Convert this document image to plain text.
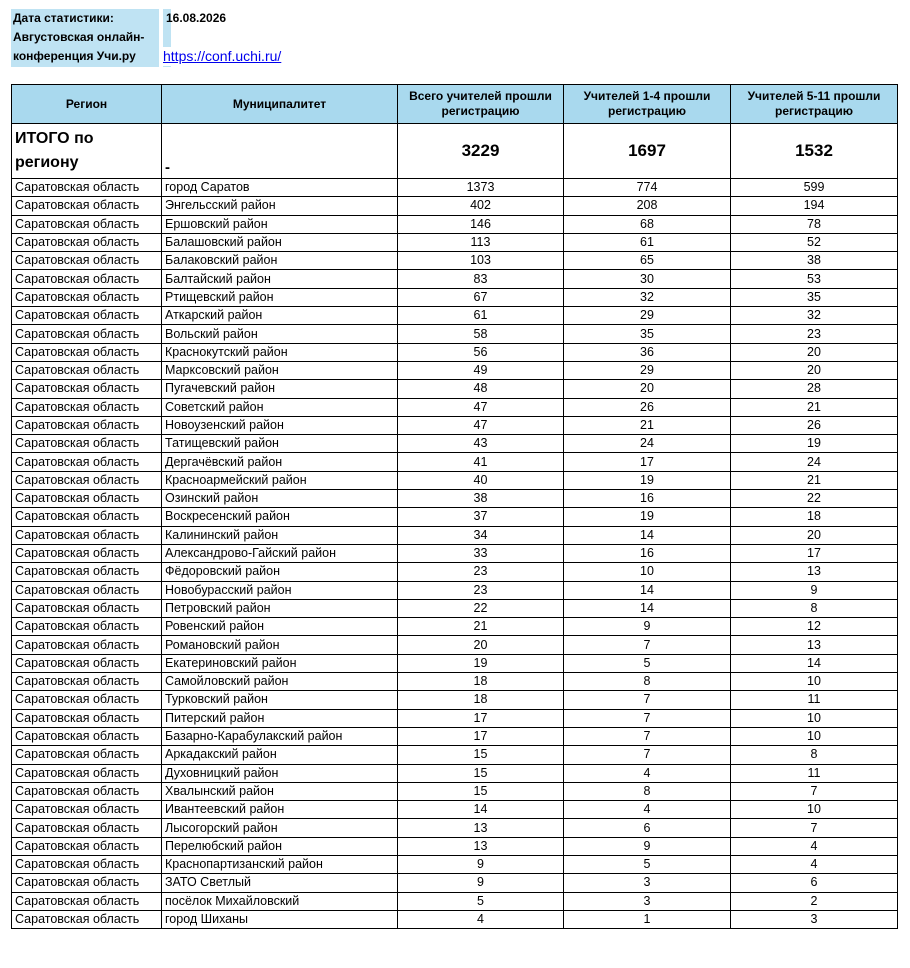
Дата статистики:
Августовская онлайн-
конференция Учи.ру
16.08.2026
https://conf.uchi.ru/
Регион	Муниципалитет	Всего учителей прошли регистрацию	Учителей 1-4 прошли регистрацию	Учителей 5-11 прошли регистрацию
ИТОГО по региону	-	3229	1697	1532
Саратовская область	город Саратов	1373	774	599
Саратовская область	Энгельсский район	402	208	194
Саратовская область	Ершовский район	146	68	78
Саратовская область	Балашовский район	113	61	52
Саратовская область	Балаковский район	103	65	38
Саратовская область	Балтайский район	83	30	53
Саратовская область	Ртищевский район	67	32	35
Саратовская область	Аткарский район	61	29	32
Саратовская область	Вольский район	58	35	23
Саратовская область	Краснокутский район	56	36	20
Саратовская область	Марксовский район	49	29	20
Саратовская область	Пугачевский район	48	20	28
Саратовская область	Советский район	47	26	21
Саратовская область	Новоузенский район	47	21	26
Саратовская область	Татищевский район	43	24	19
Саратовская область	Дергачёвский район	41	17	24
Саратовская область	Красноармейский район	40	19	21
Саратовская область	Озинский район	38	16	22
Саратовская область	Воскресенский район	37	19	18
Саратовская область	Калининский район	34	14	20
Саратовская область	Александрово-Гайский район	33	16	17
Саратовская область	Фёдоровский район	23	10	13
Саратовская область	Новобурасский район	23	14	9
Саратовская область	Петровский район	22	14	8
Саратовская область	Ровенский район	21	9	12
Саратовская область	Романовский район	20	7	13
Саратовская область	Екатериновский район	19	5	14
Саратовская область	Самойловский район	18	8	10
Саратовская область	Турковский район	18	7	11
Саратовская область	Питерский район	17	7	10
Саратовская область	Базарно-Карабулакский район	17	7	10
Саратовская область	Аркадакский район	15	7	8
Саратовская область	Духовницкий район	15	4	11
Саратовская область	Хвалынский район	15	8	7
Саратовская область	Ивантеевский район	14	4	10
Саратовская область	Лысогорский район	13	6	7
Саратовская область	Перелюбский район	13	9	4
Саратовская область	Краснопартизанский район	9	5	4
Саратовская область	ЗАТО Светлый	9	3	6
Саратовская область	посёлок Михайловский	5	3	2
Саратовская область	город Шиханы	4	1	3
